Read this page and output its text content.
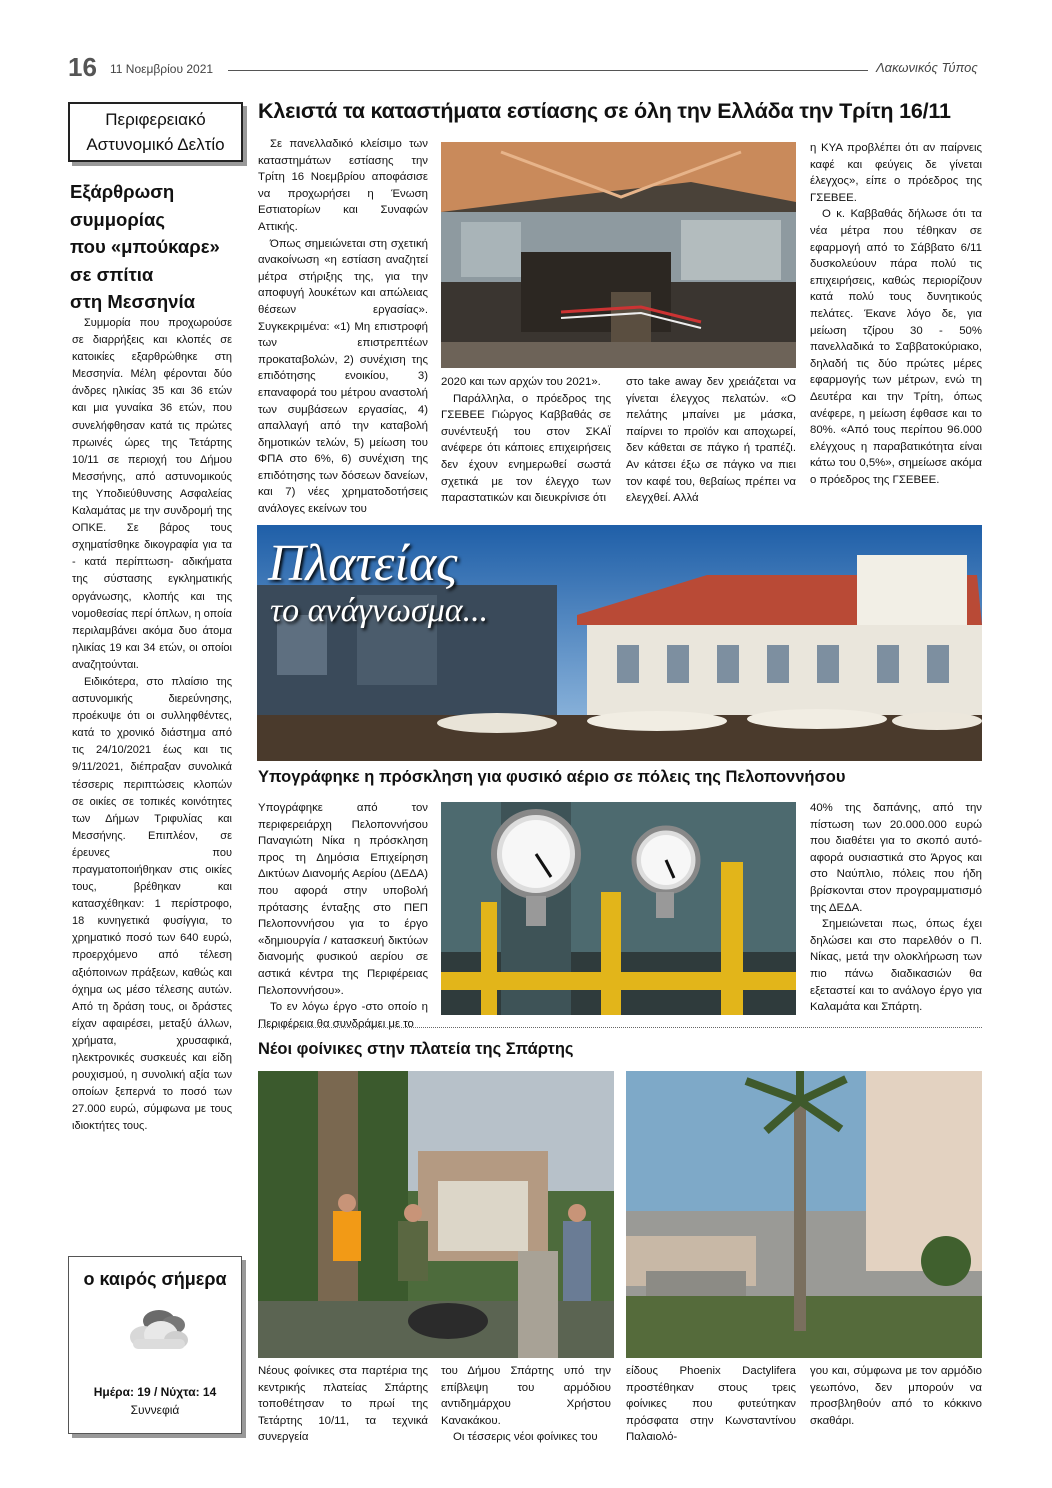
16 11 Νοεμβρίου 2021	Λακωνικός Τύπος
Περιφερειακό
Αστυνομικό Δελτίο
Εξάρθρωση
συμμορίας
που «μπούκαρε»
σε σπίτια
στη Μεσσηνία

Συμμορία που προχωρούσε σε διαρρήξεις και κλοπές σε κατοικίες εξαρθρώθηκε στη Μεσσηνία. Μέλη φέρονται δύο άνδρες ηλικίας 35 και 36 ετών και μια γυναίκα 36 ετών, που συνελήφθησαν κατά τις πρώτες πρωινές ώρες της Τετάρτης 10/11 σε περιοχή του Δήμου Μεσσήνης, από αστυνομικούς της Υποδιεύθυνσης Ασφαλείας Καλαμάτας με την συνδρομή της ΟΠΚΕ. Σε βάρος τους σχηματίσθηκε δικογραφία για τα - κατά περίπτωση- αδικήματα της σύστασης εγκληματικής οργάνωσης, κλοπής και της νομοθεσίας περί όπλων, η οποία περιλαμβάνει ακόμα δυο άτομα ηλικίας 19 και 34 ετών, οι οποίοι αναζητούνται.

Ειδικότερα, στο πλαίσιο της αστυνομικής διερεύνησης, προέκυψε ότι οι συλληφθέντες, κατά το χρονικό διάστημα από τις 24/10/2021 έως και τις 9/11/2021, διέπραξαν συνολικά τέσσερις περιπτώσεις κλοπών σε οικίες σε τοπικές κοινότητες των Δήμων Τριφυλίας και Μεσσήνης. Επιπλέον, σε έρευνες που πραγματοποιήθηκαν στις οικίες τους, βρέθηκαν και κατασχέθηκαν: 1 περίστροφο, 18 κυνηγετικά φυσίγγια, το χρηματικό ποσό των 640 ευρώ, προερχόμενο από τέλεση αξιόποινων πράξεων, καθώς και όχημα ως μέσο τέλεσης αυτών. Από τη δράση τους, οι δράστες είχαν αφαιρέσει, μεταξύ άλλων, χρήματα, χρυσαφικά, ηλεκτρονικές συσκευές και είδη ρουχισμού, η συνολική αξία των οποίων ξεπερνά το ποσό των 27.000 ευρώ, σύμφωνα με τους ιδιοκτήτες τους.

ο καιρός σήμερα
Ημέρα: 19 / Νύχτα: 14
Συννεφιά
Κλειστά τα καταστήματα εστίασης σε όλη την Ελλάδα την Τρίτη 16/11

Σε πανελλαδικό κλείσιμο των καταστημάτων εστίασης την Τρίτη 16 Νοεμβρίου αποφάσισε να προχωρήσει η Ένωση Εστιατορίων και Συναφών Αττικής.

Όπως σημειώνεται στη σχετική ανακοίνωση «η εστίαση αναζητεί μέτρα στήριξης της, για την αποφυγή λουκέτων και απώλειας θέσεων εργασίας». Συγκεκριμένα: «1) Μη επιστροφή των επιστρεπτέων προκαταβολών, 2) συνέχιση της επιδότησης ενοικίου, 3) επαναφορά του μέτρου αναστολή των συμβάσεων εργασίας, 4) απαλλαγή από την καταβολή δημοτικών τελών, 5) μείωση του ΦΠΑ στο 6%, 6) συνέχιση της επιδότησης των δόσεων δανείων, και 7) νέες χρηματοδοτήσεις ανάλογες εκείνων του

2020 και των αρχών του 2021».

Παράλληλα, ο πρόεδρος της ΓΣΕΒΕΕ Γιώργος Καββαθάς σε συνέντευξή του στον ΣΚΑΪ ανέφερε ότι κάποιες επιχειρήσεις δεν έχουν ενημερωθεί σωστά σχετικά με τον έλεγχο των παραστατικών και διευκρίνισε ότι

στο take away δεν χρειάζεται να γίνεται έλεγχος πελατών. «Ο πελάτης μπαίνει με μάσκα, παίρνει το προϊόν και αποχωρεί, δεν κάθεται σε πάγκο ή τραπέζι. Αν κάτσει έξω σε πάγκο να πιει τον καφέ του, θεβαίως πρέπει να ελεγχθεί. Αλλά

η ΚΥΑ προβλέπει ότι αν παίρνεις καφέ και φεύγεις δε γίνεται έλεγχος», είπε ο πρόεδρος της ΓΣΕΒΕΕ.

Ο κ. Καββαθάς δήλωσε ότι τα νέα μέτρα που τέθηκαν σε εφαρμογή από το Σάββατο 6/11 δυσκολεύουν πάρα πολύ τις επιχειρήσεις, καθώς περιορίζουν κατά πολύ τους δυνητικούς πελάτες. Έκανε λόγο δε, για μείωση τζίρου 30 - 50% πανελλαδικά το Σαββατοκύριακο, δηλαδή τις δύο πρώτες μέρες εφαρμογής των μέτρων, ενώ τη Δευτέρα και την Τρίτη, όπως ανέφερε, η μείωση έφθασε και το 80%. «Από τους περίπου 96.000 ελέγχους η παραβατικότητα είναι κάτω του 0,5%», σημείωσε ακόμα ο πρόεδρος της ΓΣΕΒΕΕ.

Πλατείας
το ανάγνωσμα...
Υπογράφηκε η πρόσκληση για φυσικό αέριο σε πόλεις της Πελοποννήσου

Υπογράφηκε από τον περιφερειάρχη Πελοποννήσου Παναγιώτη Νίκα η πρόσκληση προς τη Δημόσια Επιχείρηση Δικτύων Διανομής Αερίου (ΔΕΔΑ) που αφορά στην υποβολή πρότασης ένταξης στο ΠΕΠ Πελοποννήσου για το έργο «δημιουργία / κατασκευή δικτύων διανομής φυσικού αερίου σε αστικά κέντρα της Περιφέρειας Πελοποννήσου».

Το εν λόγω έργο -στο οποίο η Περιφέρεια θα συνδράμει με το

40% της δαπάνης, από την πίστωση των 20.000.000 ευρώ που διαθέτει για το σκοπό αυτό- αφορά ουσιαστικά στο Άργος και στο Ναύπλιο, πόλεις που ήδη βρίσκονται στον προγραμματισμό της ΔΕΔΑ.

Σημειώνεται πως, όπως έχει δηλώσει και στο παρελθόν ο Π. Νίκας, μετά την ολοκλήρωση των πιο πάνω διαδικασιών θα εξεταστεί και το ανάλογο έργο για Καλαμάτα και Σπάρτη.

Νέοι φοίνικες στην πλατεία της Σπάρτης

Νέους φοίνικες στα παρτέρια της κεντρικής πλατείας Σπάρτης τοποθέτησαν το πρωί της Τετάρτης 10/11, τα τεχνικά συνεργεία

του Δήμου Σπάρτης υπό την επίβλεψη του αρμόδιου αντιδημάρχου Χρήστου Κανακάκου.

Οι τέσσερις νέοι φοίνικες του

είδους Phoenix Dactylifera προστέθηκαν στους τρεις φοίνικες που φυτεύτηκαν πρόσφατα στην Κωνσταντίνου Παλαιολό-

γου και, σύμφωνα με τον αρμόδιο γεωπόνο, δεν μπορούν να προσβληθούν από το κόκκινο σκαθάρι.
